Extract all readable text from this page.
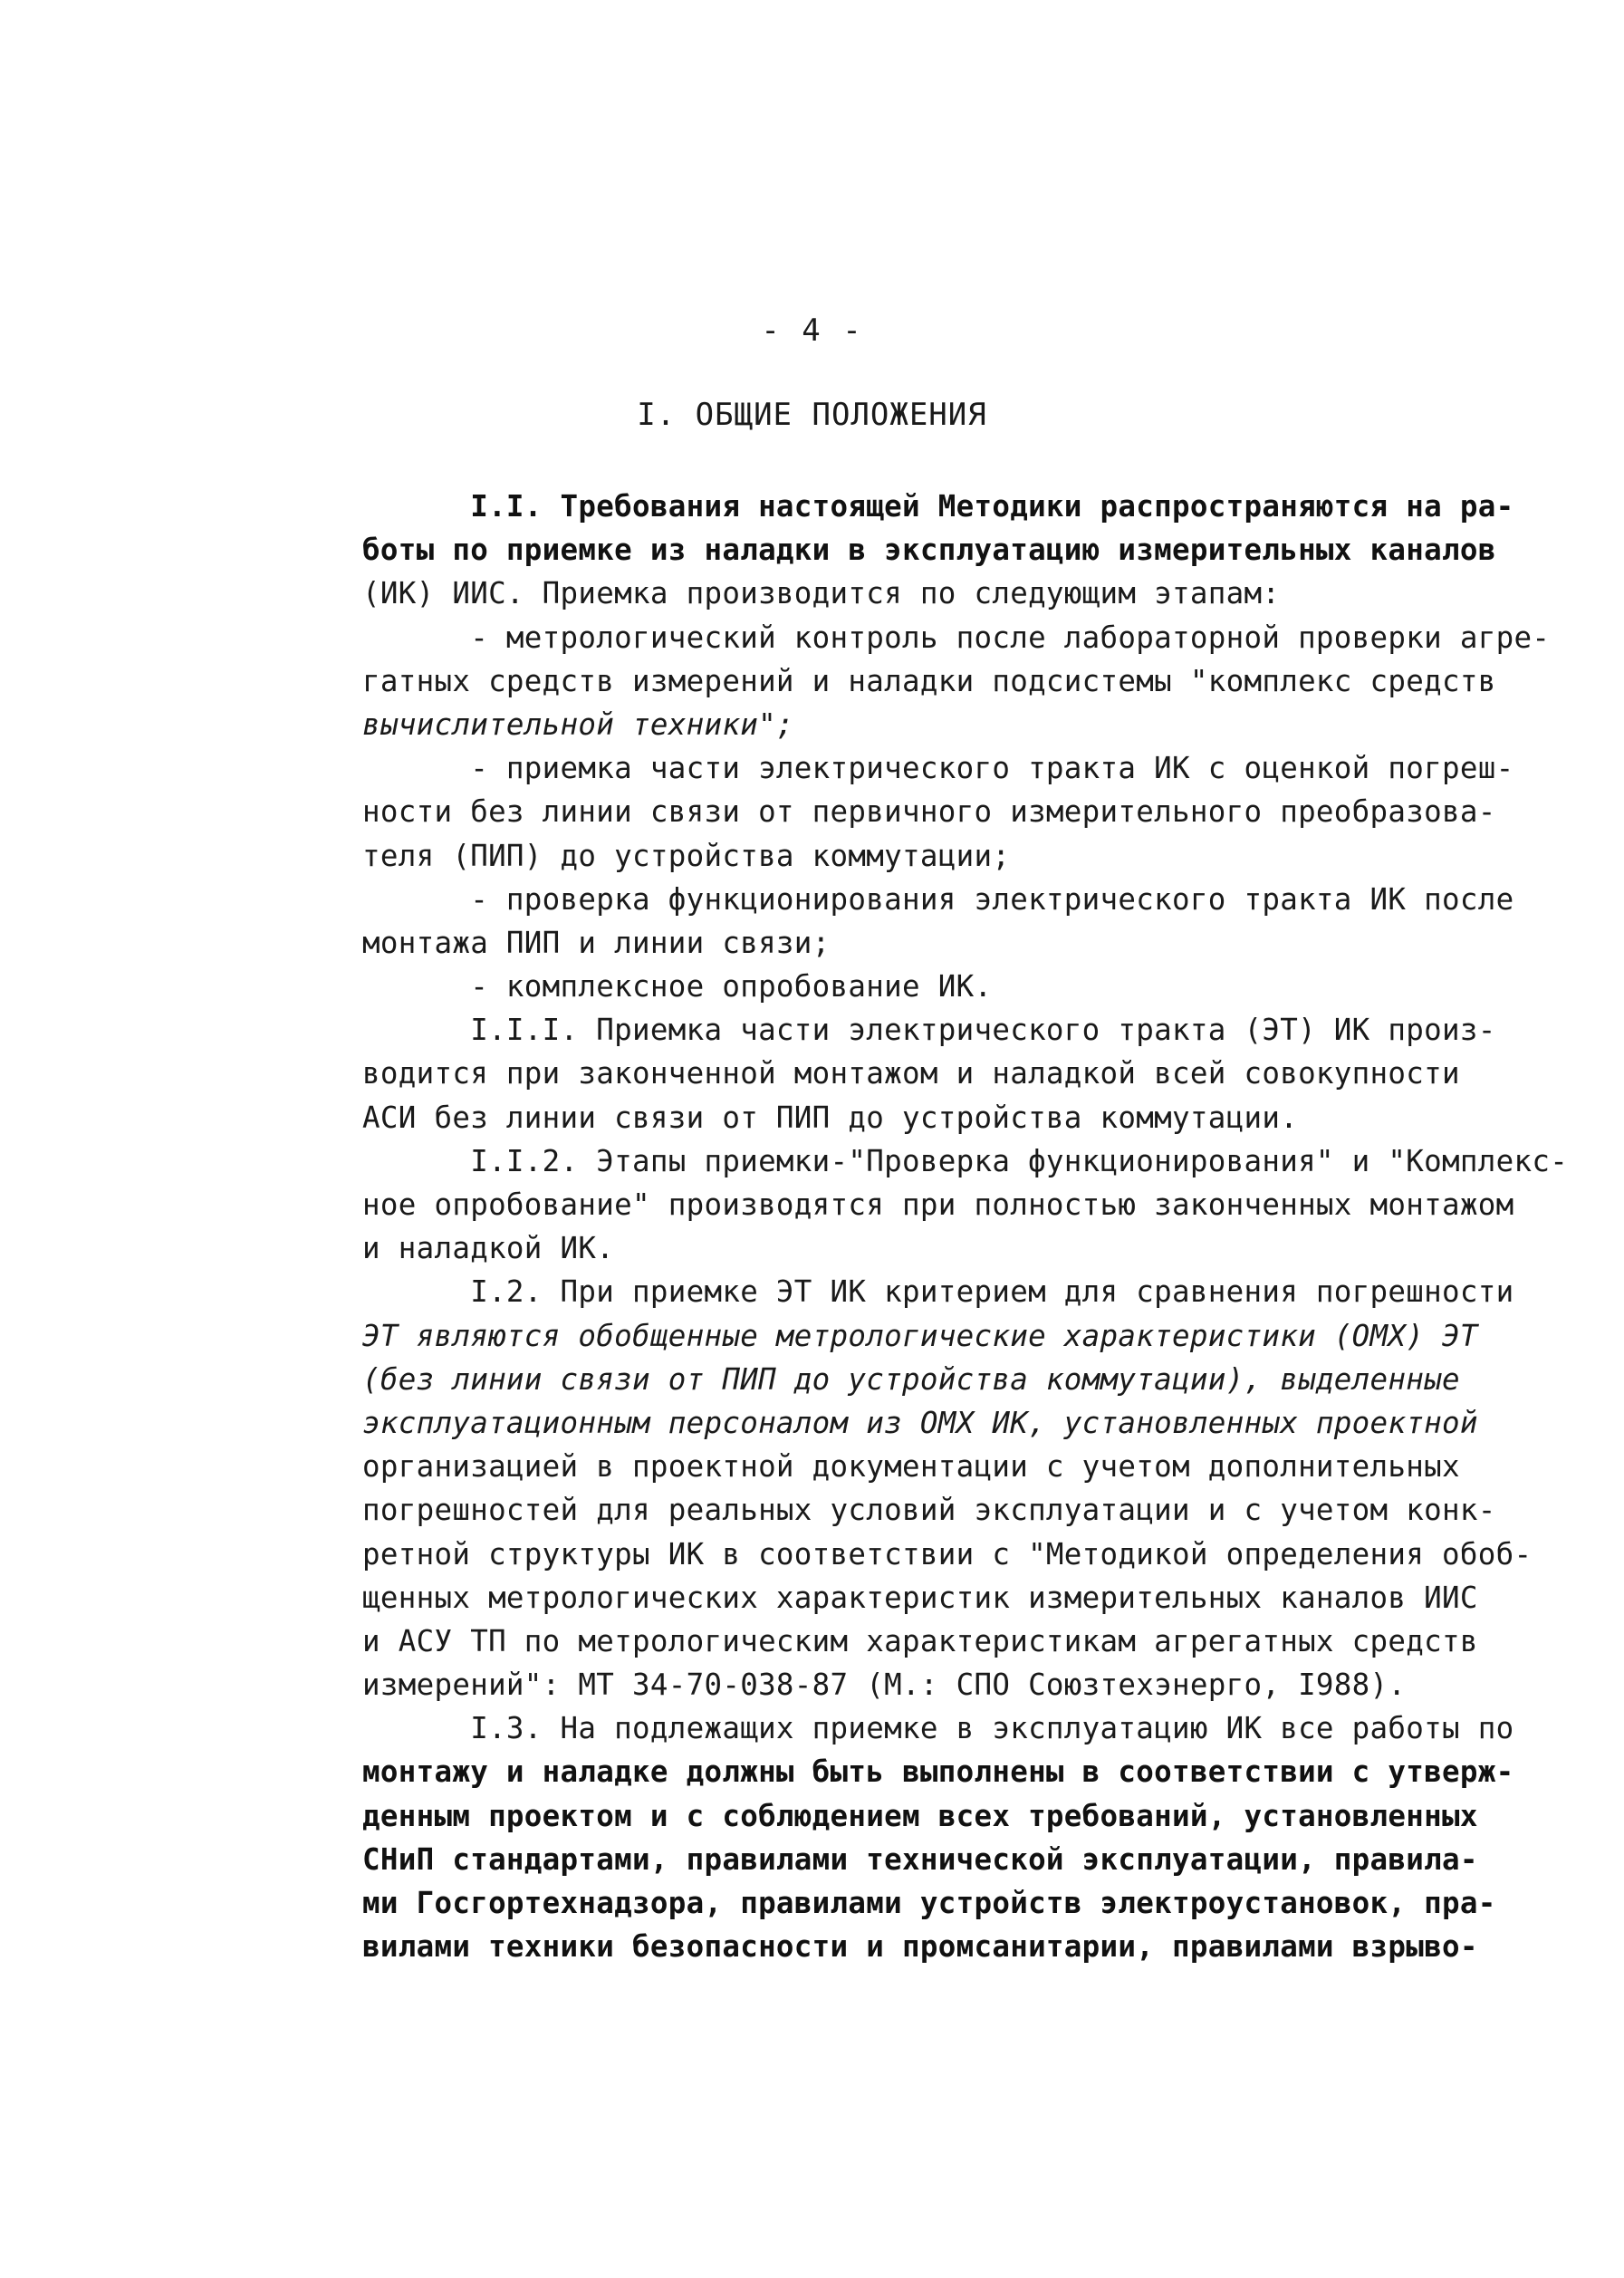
- 4 -
I. ОБЩИЕ ПОЛОЖЕНИЯ
I.I. Требования настоящей Методики распространяются на ра-
боты по приемке из наладки в эксплуатацию измерительных каналов
(ИК) ИИС. Приемка производится по следующим этапам:
- метрологический контроль после лабораторной проверки агре-
гатных средств измерений и наладки подсистемы "комплекс средств
вычислительной техники";
- приемка части электрического тракта ИК с оценкой погреш-
ности без линии связи от первичного измерительного преобразова-
теля (ПИП) до устройства коммутации;
- проверка функционирования электрического тракта ИК после
монтажа ПИП и линии связи;
- комплексное опробование ИК.
I.I.I. Приемка части электрического тракта (ЭТ) ИК произ-
водится при законченной монтажом и наладкой всей совокупности
АСИ без линии связи от ПИП до устройства коммутации.
I.I.2. Этапы приемки-"Проверка функционирования" и "Комплекс-
ное опробование" производятся при полностью законченных монтажом
и наладкой ИК.
I.2. При приемке ЭТ ИК критерием для сравнения погрешности
ЭТ являются обобщенные метрологические характеристики (ОМХ) ЭТ
(без линии связи от ПИП до устройства коммутации), выделенные
эксплуатационным персоналом из ОМХ ИК, установленных проектной
организацией в проектной документации с учетом дополнительных
погрешностей для реальных условий эксплуатации и с учетом конк-
ретной структуры ИК в соответствии с "Методикой определения обоб-
щенных метрологических характеристик измерительных каналов ИИС
и АСУ ТП по метрологическим характеристикам агрегатных средств
измерений": МТ 34-70-038-87 (М.: СПО Союзтехэнерго, I988).
I.3. На подлежащих приемке в эксплуатацию ИК все работы по
монтажу и наладке должны быть выполнены в соответствии с утверж-
денным проектом и с соблюдением всех требований, установленных
СНиП стандартами, правилами технической эксплуатации, правила-
ми Госгортехнадзора, правилами устройств электроустановок, пра-
вилами техники безопасности и промсанитарии, правилами взрыво-
